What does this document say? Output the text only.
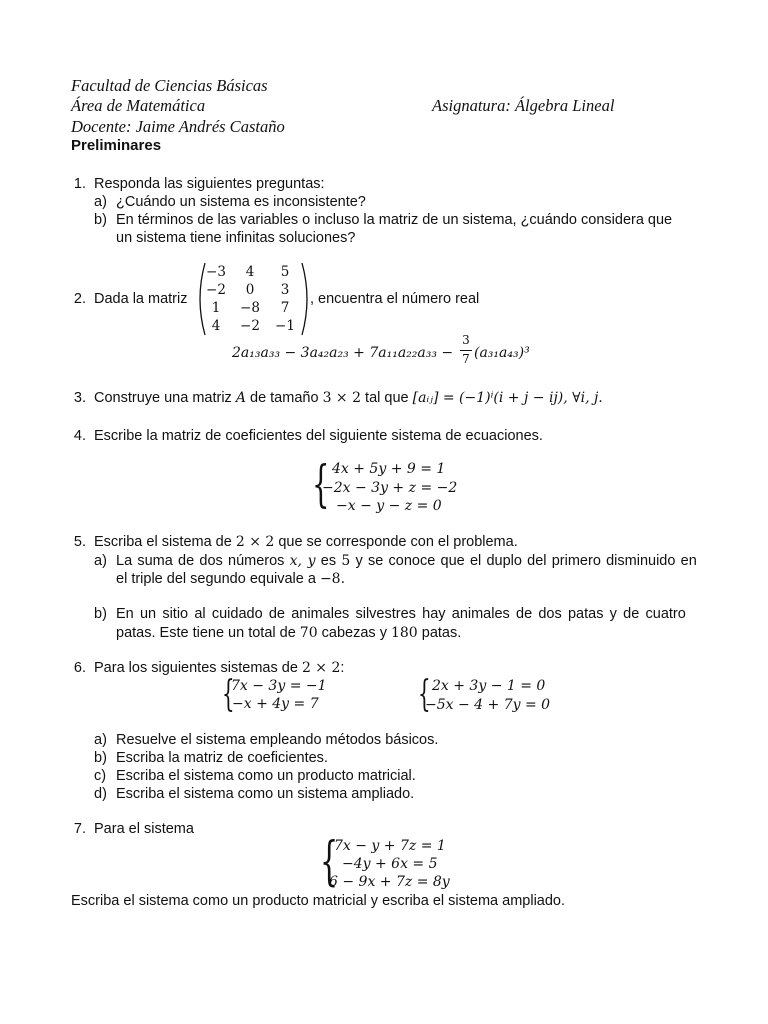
Facultad de Ciencias Básicas
Área de Matemática	Asignatura: Álgebra Lineal
Docente: Jaime Andrés Castaño
Preliminares
1. Responda las siguientes preguntas:
a) ¿Cuándo un sistema es inconsistente?
b) En términos de las variables o incluso la matriz de un sistema, ¿cuándo considera que
un sistema tiene infinitas soluciones?
2. Dada la matriz
−3	4	5
−2	0	3
1	−8	7
4	−2 −1
, encuentra el número real
2a₁₃a₃₃ − 3a₄₂a₂₃ + 7a₁₁a₂₂a₃₃ −
3
7 (a₃₁a₄₃)³
3. Construye una matriz A de tamaño 3 × 2 tal que [aᵢⱼ] = (−1)ⁱ(i + j − ij), ∀i, j.
4. Escribe la matriz de coeficientes del siguiente sistema de ecuaciones.
{ 4x + 5y + 9 = 1
−2x − 3y + z = −2
−x − y − z = 0
5. Escriba el sistema de 2 × 2 que se corresponde con el problema.
a) La suma de dos números x, y es 5 y se conoce que el duplo del primero disminuido en
el triple del segundo equivale a −8.
b) En un sitio al cuidado de animales silvestres hay animales de dos patas y de cuatro
patas. Este tiene un total de 70 cabezas y 180 patas.
6. Para los siguientes sistemas de 2 × 2:
{
7x − 3y = −1
−x + 4y = 7	{ 2x + 3y − 1 = 0
−5x − 4 + 7y = 0
a) Resuelve el sistema empleando métodos básicos.
b) Escriba la matriz de coeficientes.
c) Escriba el sistema como un producto matricial.
d) Escriba el sistema como un sistema ampliado.
7. Para el sistema
{
7x − y + 7z = 1
−4y + 6x = 5
6 − 9x + 7z = 8y
Escriba el sistema como un producto matricial y escriba el sistema ampliado.
